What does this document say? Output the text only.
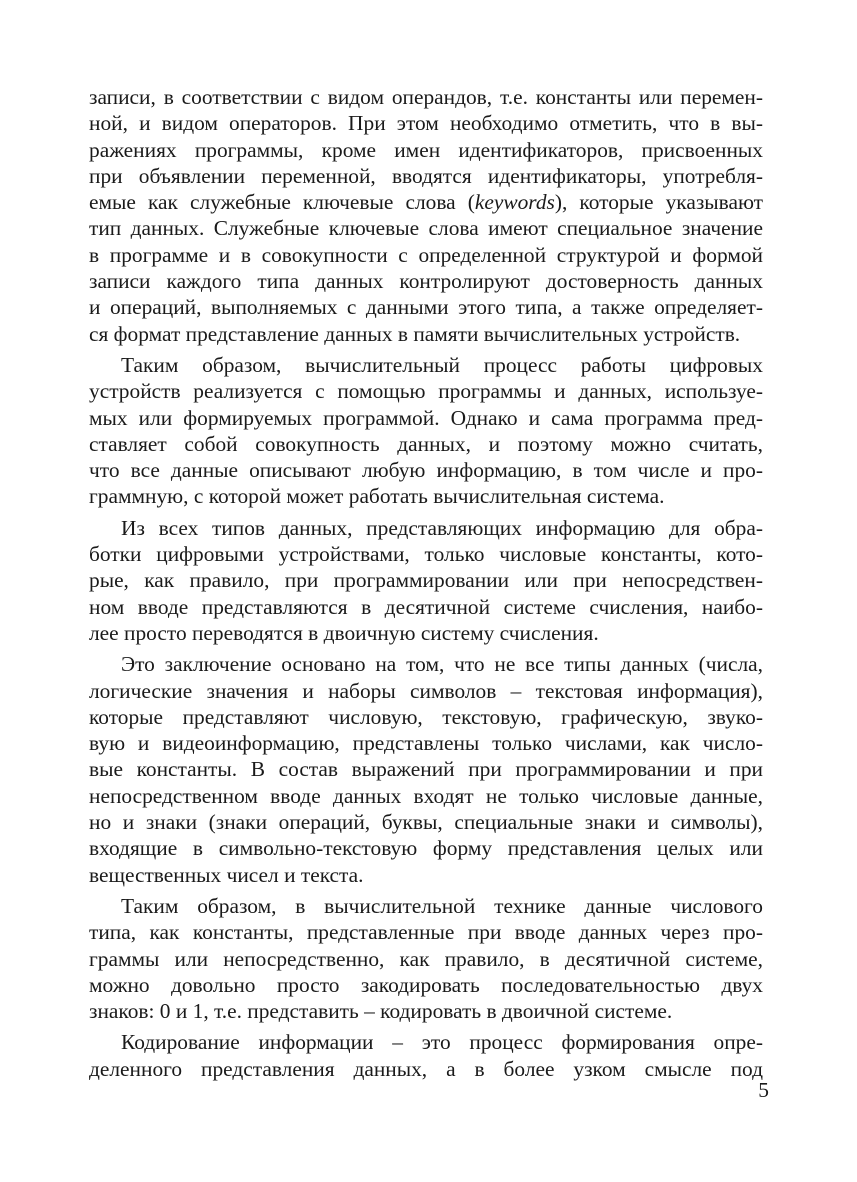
записи, в соответствии с видом операндов, т.е. константы или перемен-
ной, и видом операторов. При этом необходимо отметить, что в вы-
ражениях программы, кроме имен идентификаторов, присвоенных
при объявлении переменной, вводятся идентификаторы, употребля-
емые как служебные ключевые слова (keywords), которые указывают
тип данных. Служебные ключевые слова имеют специальное значение
в программе и в совокупности с определенной структурой и формой
записи каждого типа данных контролируют достоверность данных
и операций, выполняемых с данными этого типа, а также определяет-
ся формат представление данных в памяти вычислительных устройств.
Таким образом, вычислительный процесс работы цифровых
устройств реализуется с помощью программы и данных, используе-
мых или формируемых программой. Однако и сама программа пред-
ставляет собой совокупность данных, и поэтому можно считать,
что все данные описывают любую информацию, в том числе и про-
граммную, с которой может работать вычислительная система.
Из всех типов данных, представляющих информацию для обра-
ботки цифровыми устройствами, только числовые константы, кото-
рые, как правило, при программировании или при непосредствен-
ном вводе представляются в десятичной системе счисления, наибо-
лее просто переводятся в двоичную систему счисления.
Это заключение основано на том, что не все типы данных (числа,
логические значения и наборы символов – текстовая информация),
которые представляют числовую, текстовую, графическую, звуко-
вую и видеоинформацию, представлены только числами, как число-
вые константы. В состав выражений при программировании и при
непосредственном вводе данных входят не только числовые данные,
но и знаки (знаки операций, буквы, специальные знаки и символы),
входящие в символьно-текстовую форму представления целых или
вещественных чисел и текста.
Таким образом, в вычислительной технике данные числового
типа, как константы, представленные при вводе данных через про-
граммы или непосредственно, как правило, в десятичной системе,
можно довольно просто закодировать последовательностью двух
знаков: 0 и 1, т.е. представить – кодировать в двоичной системе.
Кодирование информации – это процесс формирования опре-
деленного представления данных, а в более узком смысле под
5
